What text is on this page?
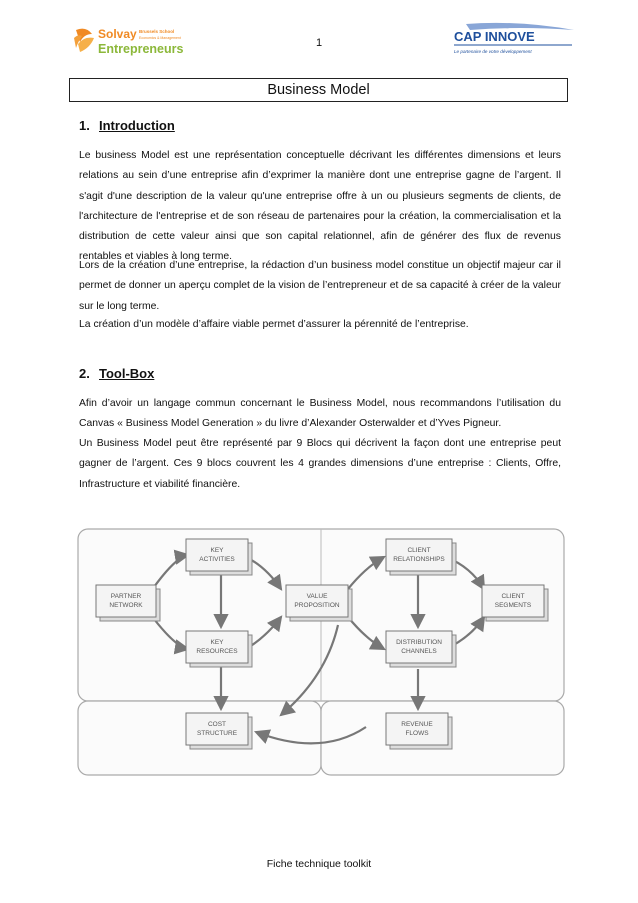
Solvay
Entrepreneurs
Brussels School
Economics & Management	1	CAP INNOVE
Le partenaire de votre développement
Business Model
1. Introduction
Le business Model est une représentation conceptuelle décrivant les différentes dimensions et leurs relations au sein d’une entreprise afin d’exprimer la manière dont une entreprise gagne de l’argent. Il s'agit d'une description de la valeur qu'une entreprise offre à un ou plusieurs segments de clients, de l'architecture de l'entreprise et de son réseau de partenaires pour la création, la commercialisation et la distribution de cette valeur ainsi que son capital relationnel, afin de générer des flux de revenus rentables et viables à long terme.
Lors de la création d’une entreprise, la rédaction d’un business model constitue un objectif majeur car il permet de donner un aperçu complet de la vision de l’entrepreneur et de sa capacité à créer de la valeur sur le long terme.
La création d’un modèle d’affaire viable permet d’assurer la pérennité de l’entreprise.
2. Tool-Box
Afin d’avoir un langage commun concernant le Business Model, nous recommandons l’utilisation du Canvas « Business Model Generation » du livre d’Alexander Osterwalder et d’Yves Pigneur.
Un Business Model peut être représenté par 9 Blocs qui décrivent la façon dont une entreprise peut gagner de l’argent. Ces 9 blocs couvrent les 4 grandes dimensions d’une entreprise : Clients, Offre, Infrastructure et viabilité financière.
KEY
ACTIVITIES
PARTNER
NETWORK
KEY
RESOURCES
COST
STRUCTURE
VALUE
PROPOSITION
CLIENT
RELATIONSHIPS
CLIENT
SEGMENTS
DISTRIBUTION
CHANNELS
REVENUE
FLOWS
Fiche technique toolkit
